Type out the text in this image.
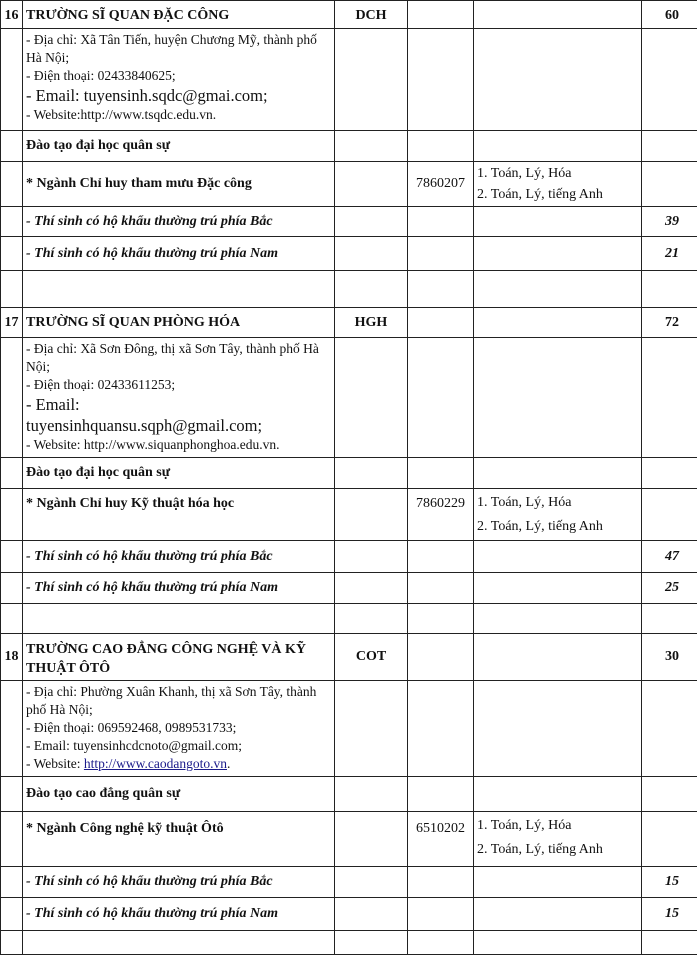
16	TRƯỜNG SĨ QUAN ĐẶC CÔNG	DCH			60

	- Địa chỉ: Xã Tân Tiến, huyện Chương Mỹ, thành phố Hà Nội;
- Điện thoại: 02433840625;
- Email: tuyensinh.sqdc@gmai.com;
- Website:http://www.tsqdc.edu.vn.				

	Đào tạo đại học quân sự				
	* Ngành Chỉ huy tham mưu Đặc công		7860207	1. Toán, Lý, Hóa
2. Toán, Lý, tiếng Anh	

	- Thí sinh có hộ khẩu thường trú phía Bắc				39
	- Thí sinh có hộ khẩu thường trú phía Nam				21

17	TRƯỜNG SĨ QUAN PHÒNG HÓA	HGH			72

	- Địa chỉ: Xã Sơn Đông, thị xã Sơn Tây, thành phố Hà Nội;
- Điện thoại: 02433611253;
- Email:
tuyensinhquansu.sqph@gmail.com;
- Website: http://www.siquanphonghoa.edu.vn.				

	Đào tạo đại học quân sự				
	* Ngành Chỉ huy Kỹ thuật hóa học		7860229	1. Toán, Lý, Hóa
2. Toán, Lý, tiếng Anh	

	- Thí sinh có hộ khẩu thường trú phía Bắc				47
	- Thí sinh có hộ khẩu thường trú phía Nam				25

18	TRƯỜNG CAO ĐẲNG CÔNG NGHỆ VÀ KỸ THUẬT ÔTÔ	COT			30

	- Địa chỉ: Phường Xuân Khanh, thị xã Sơn Tây, thành phố Hà Nội;
- Điện thoại: 069592468, 0989531733;
- Email: tuyensinhcdcnoto@gmail.com;
- Website: http://www.caodangoto.vn.				

	Đào tạo cao đẳng quân sự				
	* Ngành Công nghệ kỹ thuật Ôtô		6510202	1. Toán, Lý, Hóa
2. Toán, Lý, tiếng Anh	

	- Thí sinh có hộ khẩu thường trú phía Bắc				15
	- Thí sinh có hộ khẩu thường trú phía Nam				15
